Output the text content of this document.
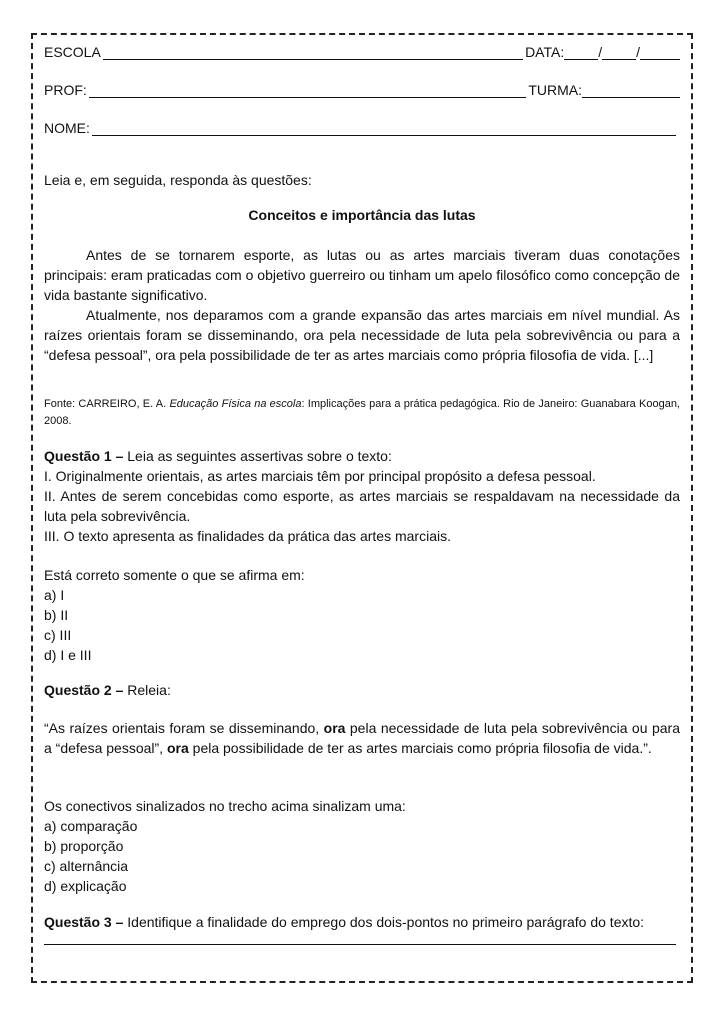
ESCOLA	DATA: / /
PROF:	TURMA:
NOME:
Leia e, em seguida, responda às questões:
Conceitos e importância das lutas
Antes de se tornarem esporte, as lutas ou as artes marciais tiveram duas conotações principais: eram praticadas com o objetivo guerreiro ou tinham um apelo filosófico como concepção de vida bastante significativo.
Atualmente, nos deparamos com a grande expansão das artes marciais em nível mundial. As raízes orientais foram se disseminando, ora pela necessidade de luta pela sobrevivência ou para a “defesa pessoal”, ora pela possibilidade de ter as artes marciais como própria filosofia de vida. [...]
Fonte: CARREIRO, E. A. Educação Física na escola: Implicações para a prática pedagógica. Rio de Janeiro: Guanabara Koogan, 2008.
Questão 1 – Leia as seguintes assertivas sobre o texto:
I. Originalmente orientais, as artes marciais têm por principal propósito a defesa pessoal.
II. Antes de serem concebidas como esporte, as artes marciais se respaldavam na necessidade da luta pela sobrevivência.
III. O texto apresenta as finalidades da prática das artes marciais.
Está correto somente o que se afirma em:
a) I
b) II
c) III
d) I e III
Questão 2 – Releia:
“As raízes orientais foram se disseminando, ora pela necessidade de luta pela sobrevivência ou para a “defesa pessoal”, ora pela possibilidade de ter as artes marciais como própria filosofia de vida.”.
Os conectivos sinalizados no trecho acima sinalizam uma:
a) comparação
b) proporção
c) alternância
d) explicação
Questão 3 – Identifique a finalidade do emprego dos dois-pontos no primeiro parágrafo do texto:
